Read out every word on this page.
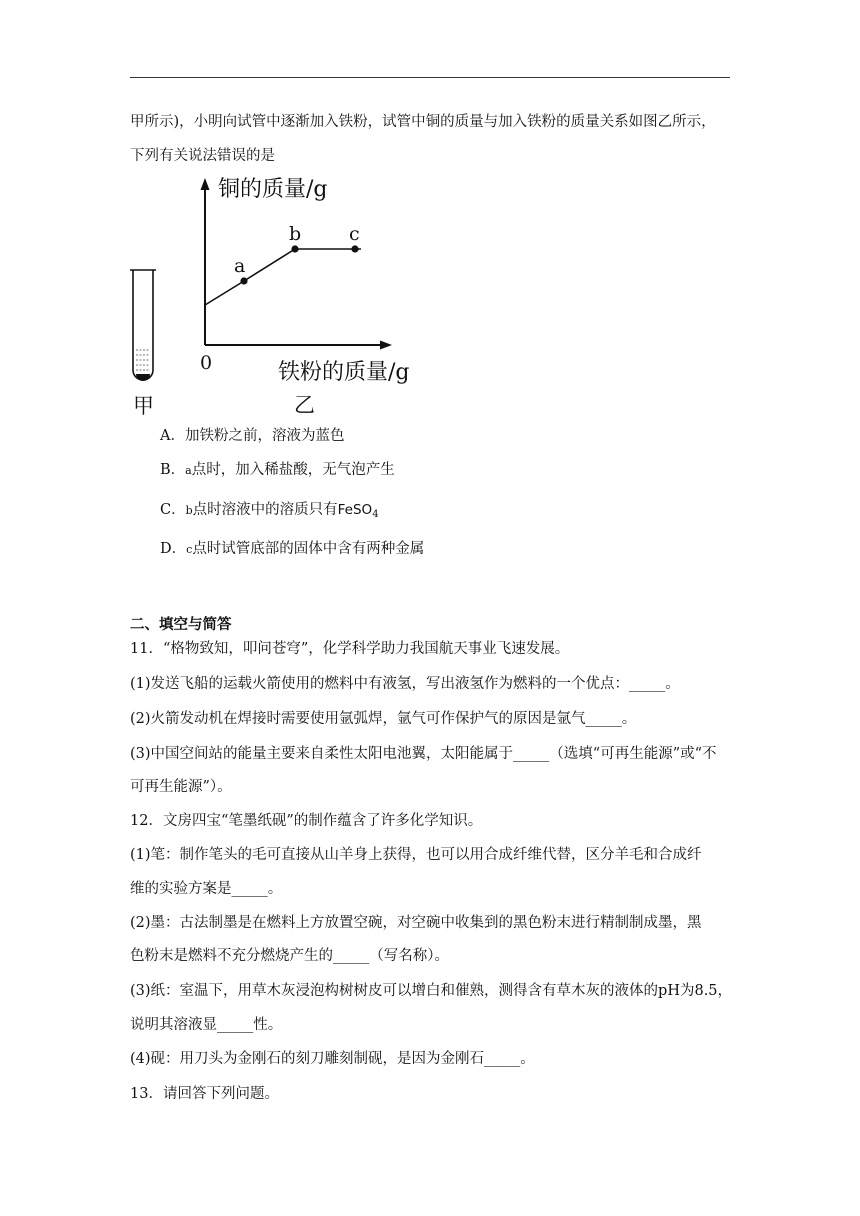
甲所示)，小明向试管中逐渐加入铁粉，试管中铜的质量与加入铁粉的质量关系如图乙所示，
下列有关说法错误的是
甲
铜的质量/g
铁粉的质量/g
0
a
b	c
乙
A．加铁粉之前，溶液为蓝色
B．a点时，加入稀盐酸，无气泡产生
C．b点时溶液中的溶质只有FeSO$_4$
D．c点时试管底部的固体中含有两种金属
二、填空与简答
11．“格物致知，叩问苍穹”，化学科学助力我国航天事业飞速发展。
(1)发送飞船的运载火箭使用的燃料中有液氢，写出液氢作为燃料的一个优点：_____。
(2)火箭发动机在焊接时需要使用氩弧焊，氩气可作保护气的原因是氩气_____。
(3)中国空间站的能量主要来自柔性太阳电池翼，太阳能属于_____（选填“可再生能源”或“不
可再生能源”）。
12．文房四宝“笔墨纸砚”的制作蕴含了许多化学知识。
(1)笔：制作笔头的毛可直接从山羊身上获得，也可以用合成纤维代替，区分羊毛和合成纤
维的实验方案是_____。
(2)墨：古法制墨是在燃料上方放置空碗，对空碗中收集到的黑色粉末进行精制制成墨，黑
色粉末是燃料不充分燃烧产生的_____（写名称）。
(3)纸：室温下，用草木灰浸泡构树树皮可以增白和催熟，测得含有草木灰的液体的pH为8.5，
说明其溶液显_____性。
(4)砚：用刀头为金刚石的刻刀雕刻制砚，是因为金刚石_____。
13．请回答下列问题。
